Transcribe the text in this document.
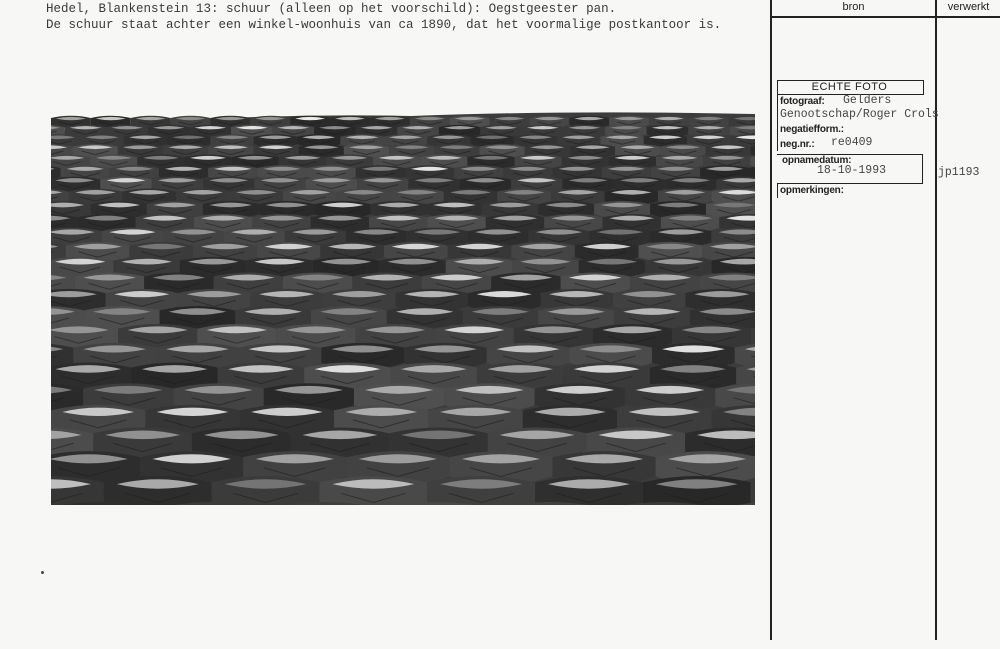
Hedel, Blankenstein 13: schuur (alleen op het voorschild): Oegstgeester pan.
De schuur staat achter een winkel-woonhuis van ca 1890, dat het voormalige postkantoor is.
bron	verwerkt
ECHTE FOTO
fotograaf: Gelders
Genootschap/Roger Crols
negatiefform.:
neg.nr.: re0409
opnamedatum:
18-10-1993	jp1193
opmerkingen:
